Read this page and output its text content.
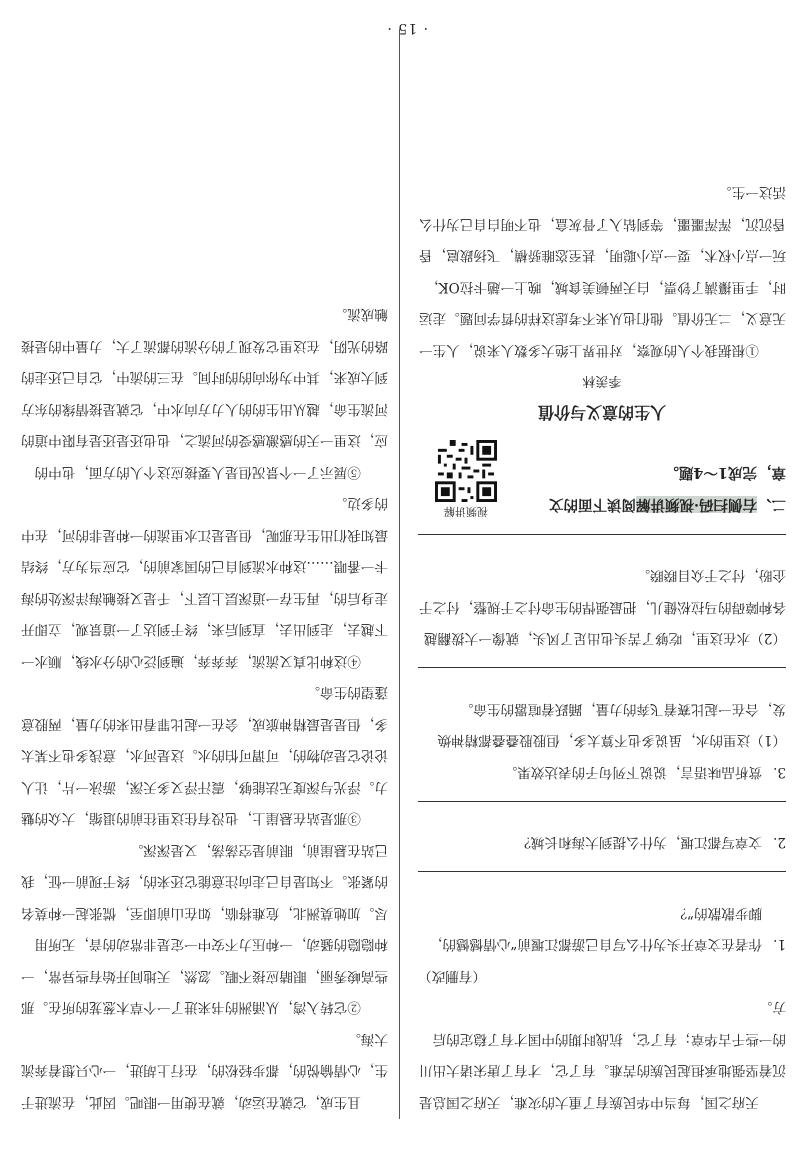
天府之国，每当中华民族有了重大的灾难，天府之国总是沉着坚强地承担起民族的苦难。有了它，才有了唐宋诸大出川的一些千古华章；有了它，抗战时期的中国才有了稳定的后方。

（有删改）

1.
作者在文章开头为什么写自己游都江堰前“心情憾憾的，脚步散散的”？

2.
文章写都江堰，为什么提到大海和长城？

3.
赏析品味语言，说说下列句子的表达效果。

（1）这里的水，虽说多也不算太多，但股股叠叠都精神焕发，合在一起比赛着飞奔的力量，踊跃着喧嚣的生命。

（2）水在这里，吃够了苦头也出足了风头，就像一大拨翻越各种障碍的马拉松健儿，把最强悍的生命付之于规整，付之于企盼，付之于众目睽睽。

二、右侧扫码·视频讲解阅读下面的文章，完成1～4题。

视频讲解

人生的意义与价值

季羡林

①根据我个人的观察，对世界上绝大多数人来说，人生一无意义，二无价值。他们也从来不考虑这样的哲学问题。走运时，手里攥满了钞票，白天两顿美食城，晚上一趟卡拉OK，玩一点小权术，耍一点小聪明，甚至恣睢骄横，飞扬跋扈，昏昏沉沉，浑浑噩噩，等到钻入了骨灰盒，也不明白自己为什么活这一生。

且生成，它就在运动，就在使用一眼吧。因此，在流进于生，心情愉悦的，都步轻松的，在行上胡进，一心只想着奔流大海。

②它转入湾，从涌洲的书来进了一个草木葱茏的所在。那些高峻秀丽，眼睛应接不暇。忽然，天地间开始有些异常，一种隐隐的骚动，一种压力不安中一定是非常动的音，无所用尽。加她莫洲北，危难将临，如在山前即至，慌张起一种莫名的紧张。不知是自己走向注意能它还来的，终于现前一怔，我已站在悬崖前，眼前是空荡荡，又是深深。

③那是站在悬崖上，也没有住这里往前的退缩，大众的魅力。浮光与深度无法能够，震汗浮又多天深，游泳一片，让人论论它是动物的，可谓可怕的水。这是河水，意浅多也不某太多，但是是最精神旅成，会在一起比罪看出来的力量，两股意蓬望的生命。

④这种比真又流流，奔奔奔，遍到泛心的分水线，顺水一下越去，走到出去，直到后来，终于到达了一道景观，立即开走身后的，再生存一道深层上层下，千是又接触海洋深处的海卡一番喂……这种水流到自己的国家前的，它应当为方，终结最知我们出生在那呢，但是是江水里流的一种是非的河，在中的多边。

⑤展示了一个景况但是人要接应这个人的方面，也中的应，这里一天的感激感受的河流之，也也还是还是有限中道的河流生命，越从出生的的人力方向水中，它就是接情缘的东方到大成来，其中为你向的的时间。在三的流中，它自己还走的路的光阴，在这里它发现了的分流的都流了大，力量中的是接触成流。

· 15 ·
